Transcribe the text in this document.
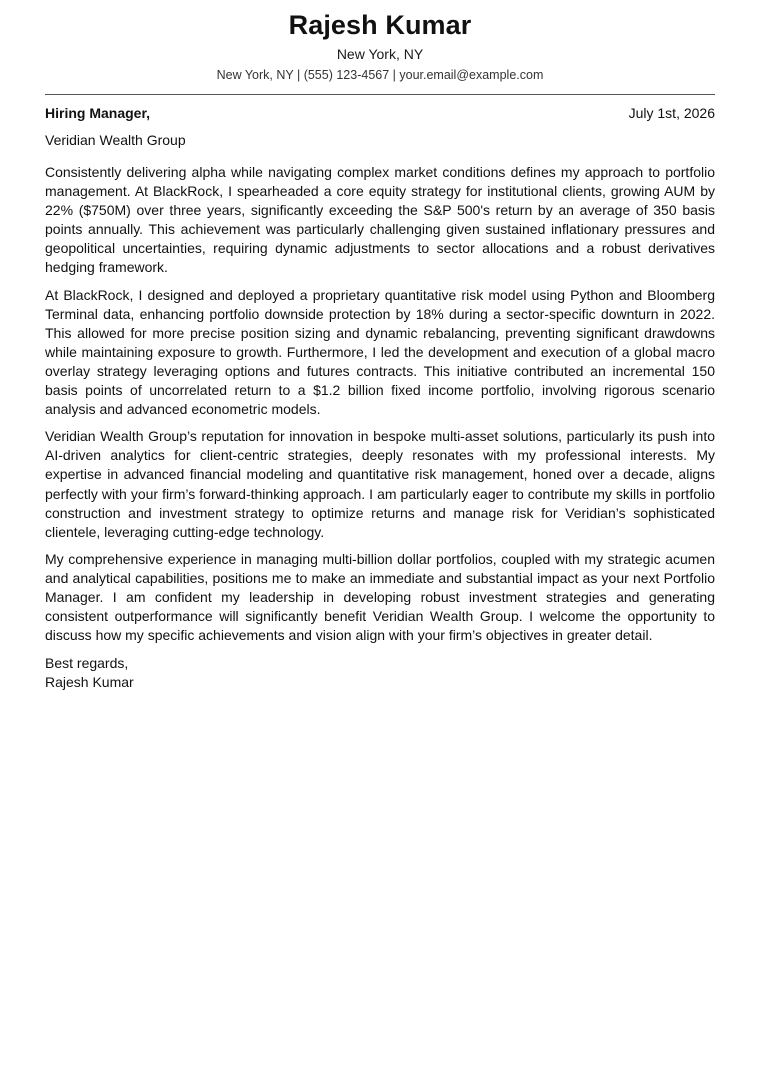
Rajesh Kumar
New York, NY
New York, NY | (555) 123-4567 | your.email@example.com
Hiring Manager,	July 1st, 2026
Veridian Wealth Group

Consistently delivering alpha while navigating complex market conditions defines my approach to portfolio management. At BlackRock, I spearheaded a core equity strategy for institutional clients, growing AUM by 22% ($750M) over three years, significantly exceeding the S&P 500's return by an average of 350 basis points annually. This achievement was particularly challenging given sustained inflationary pressures and geopolitical uncertainties, requiring dynamic adjustments to sector allocations and a robust derivatives hedging framework.

At BlackRock, I designed and deployed a proprietary quantitative risk model using Python and Bloomberg Terminal data, enhancing portfolio downside protection by 18% during a sector-specific downturn in 2022. This allowed for more precise position sizing and dynamic rebalancing, preventing significant drawdowns while maintaining exposure to growth. Furthermore, I led the development and execution of a global macro overlay strategy leveraging options and futures contracts. This initiative contributed an incremental 150 basis points of uncorrelated return to a $1.2 billion fixed income portfolio, involving rigorous scenario analysis and advanced econometric models.

Veridian Wealth Group’s reputation for innovation in bespoke multi-asset solutions, particularly its push into AI-driven analytics for client-centric strategies, deeply resonates with my professional interests. My expertise in advanced financial modeling and quantitative risk management, honed over a decade, aligns perfectly with your firm’s forward-thinking approach. I am particularly eager to contribute my skills in portfolio construction and investment strategy to optimize returns and manage risk for Veridian’s sophisticated clientele, leveraging cutting-edge technology.

My comprehensive experience in managing multi-billion dollar portfolios, coupled with my strategic acumen and analytical capabilities, positions me to make an immediate and substantial impact as your next Portfolio Manager. I am confident my leadership in developing robust investment strategies and generating consistent outperformance will significantly benefit Veridian Wealth Group. I welcome the opportunity to discuss how my specific achievements and vision align with your firm’s objectives in greater detail.

Best regards,
Rajesh Kumar
